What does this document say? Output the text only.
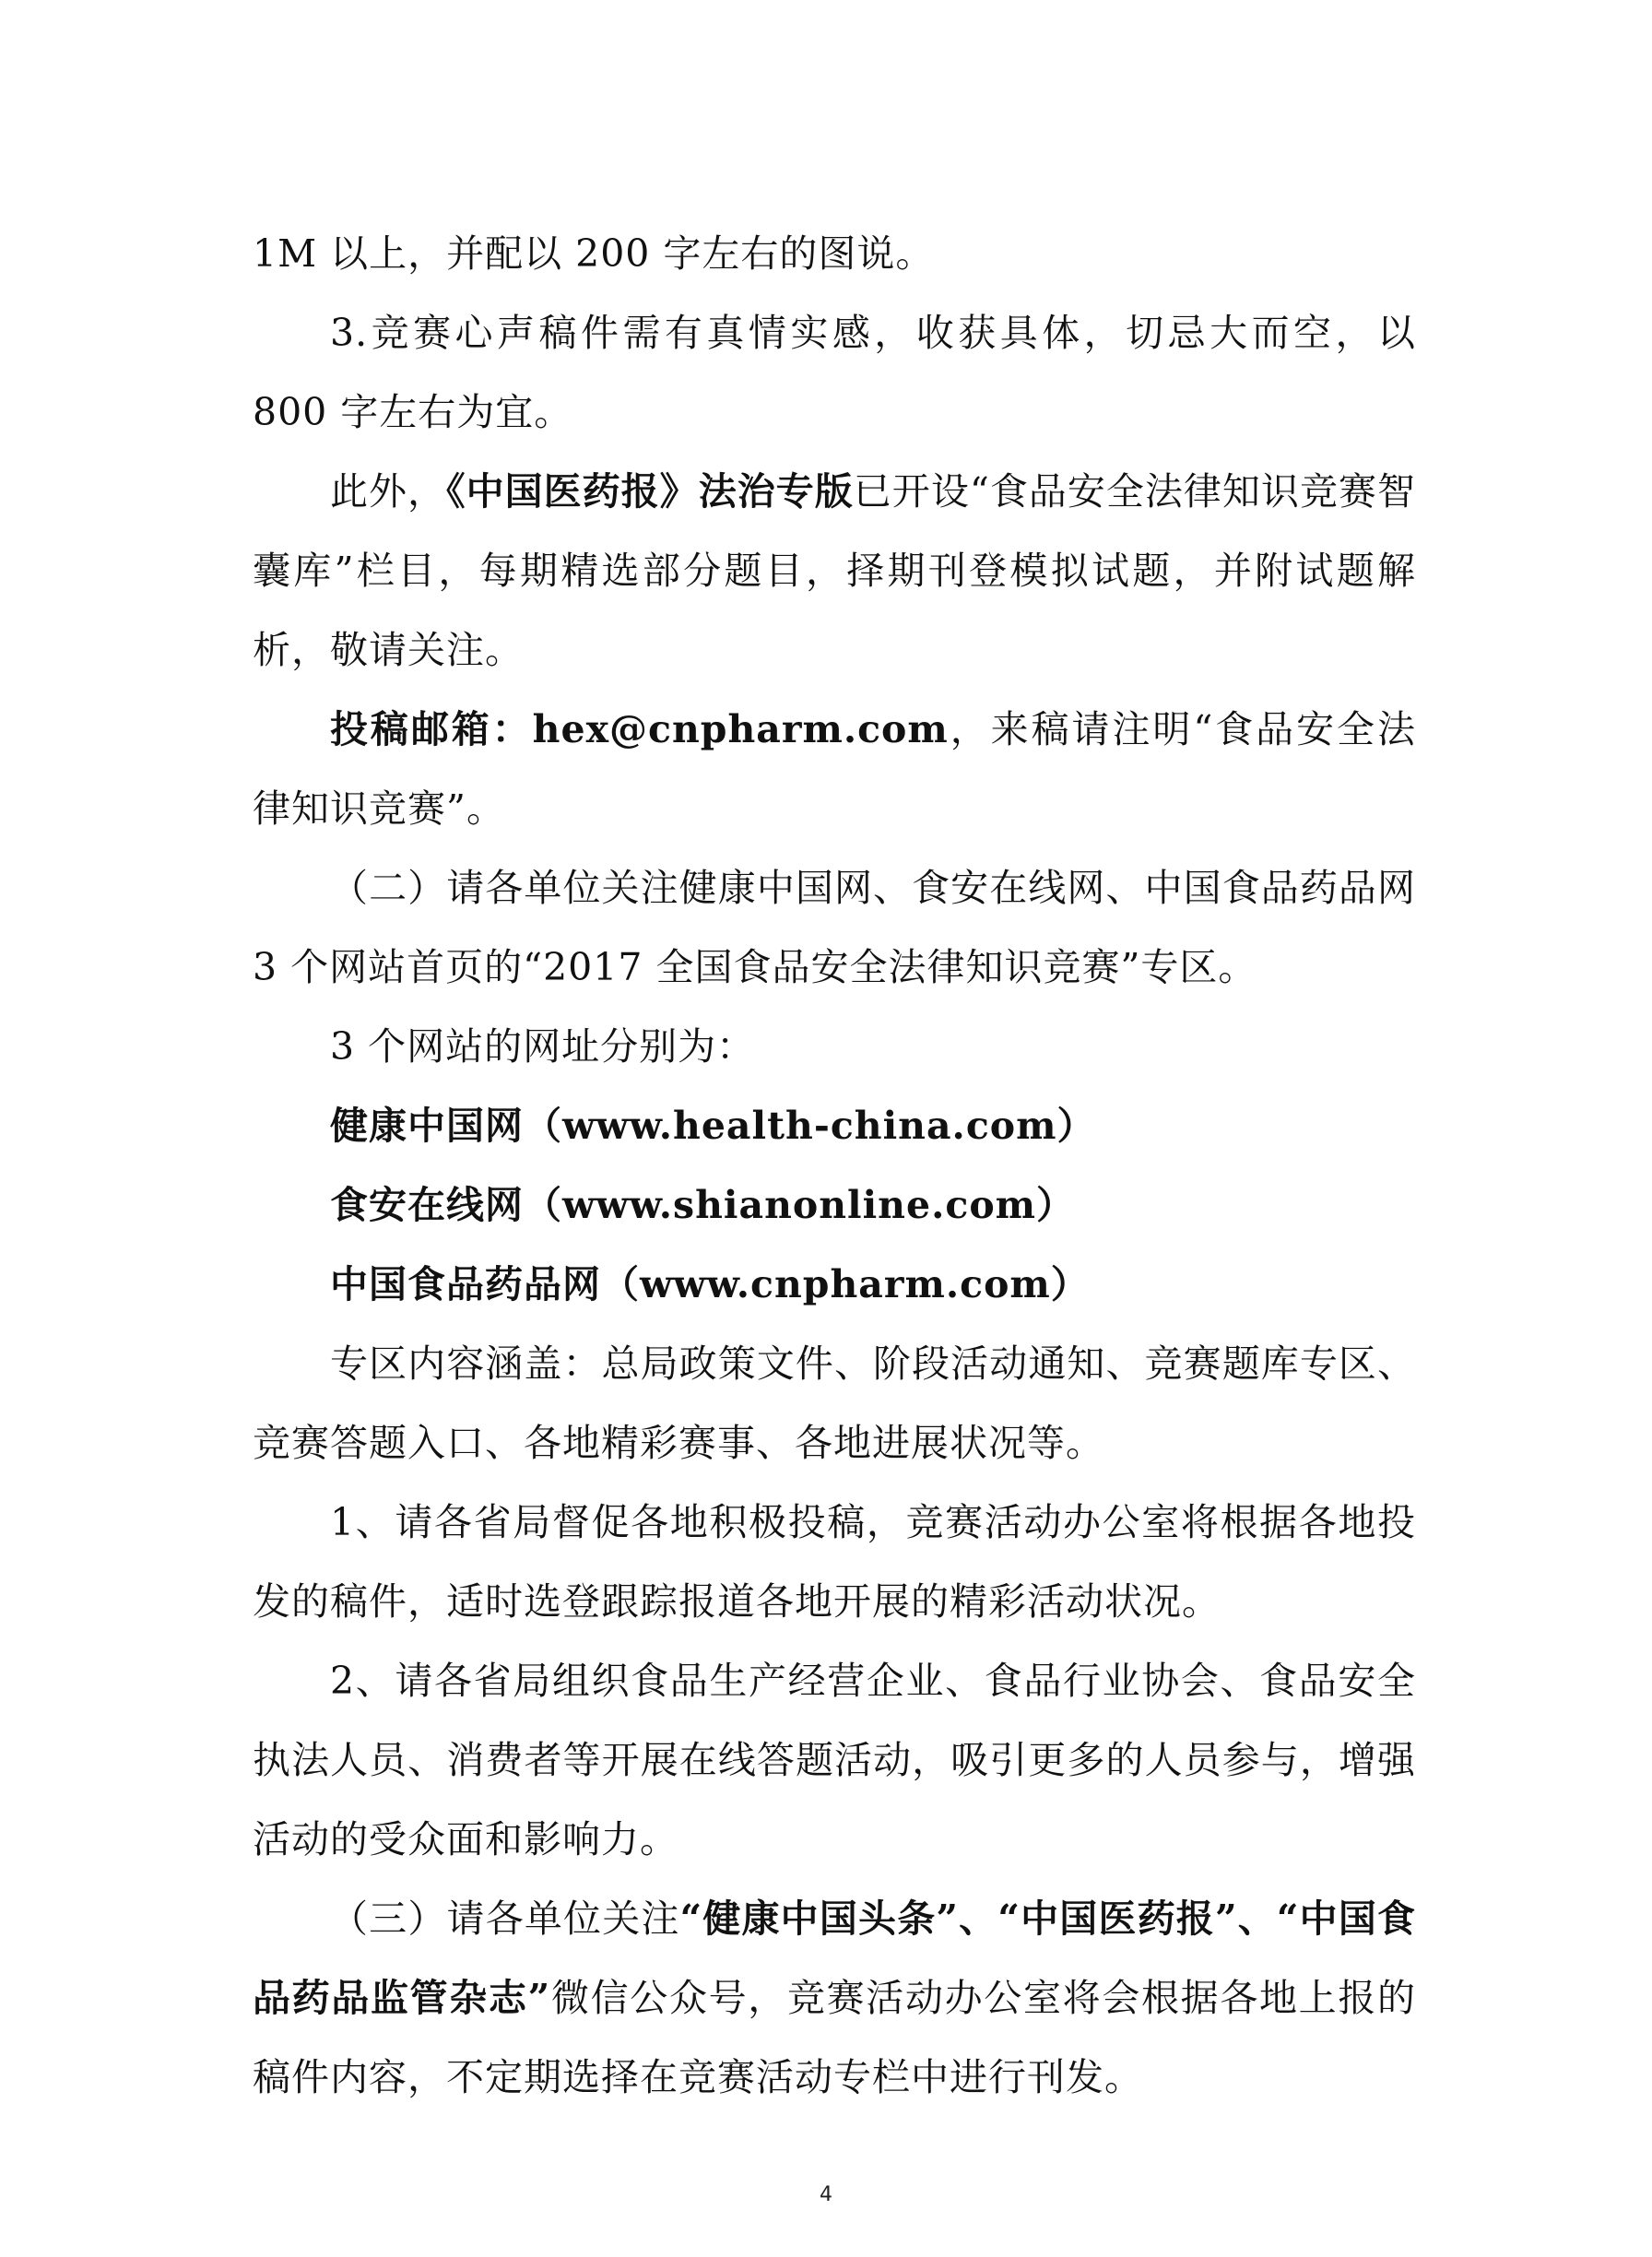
1M 以上，并配以 200 字左右的图说。

3.竞赛心声稿件需有真情实感，收获具体，切忌大而空，以 800 字左右为宜。

此外，《中国医药报》法治专版已开设“食品安全法律知识竞赛智囊库”栏目，每期精选部分题目，择期刊登模拟试题，并附试题解析，敬请关注。

投稿邮箱：hex@cnpharm.com，来稿请注明“食品安全法律知识竞赛”。

（二）请各单位关注健康中国网、食安在线网、中国食品药品网 3 个网站首页的“2017 全国食品安全法律知识竞赛”专区。

3 个网站的网址分别为：

健康中国网（www.health-china.com）

食安在线网（www.shianonline.com）

中国食品药品网（www.cnpharm.com）

专区内容涵盖：总局政策文件、阶段活动通知、竞赛题库专区、竞赛答题入口、各地精彩赛事、各地进展状况等。

1、请各省局督促各地积极投稿，竞赛活动办公室将根据各地投发的稿件，适时选登跟踪报道各地开展的精彩活动状况。

2、请各省局组织食品生产经营企业、食品行业协会、食品安全执法人员、消费者等开展在线答题活动，吸引更多的人员参与，增强活动的受众面和影响力。

（三）请各单位关注“健康中国头条”、“中国医药报”、“中国食品药品监管杂志”微信公众号，竞赛活动办公室将会根据各地上报的稿件内容，不定期选择在竞赛活动专栏中进行刊发。

4
